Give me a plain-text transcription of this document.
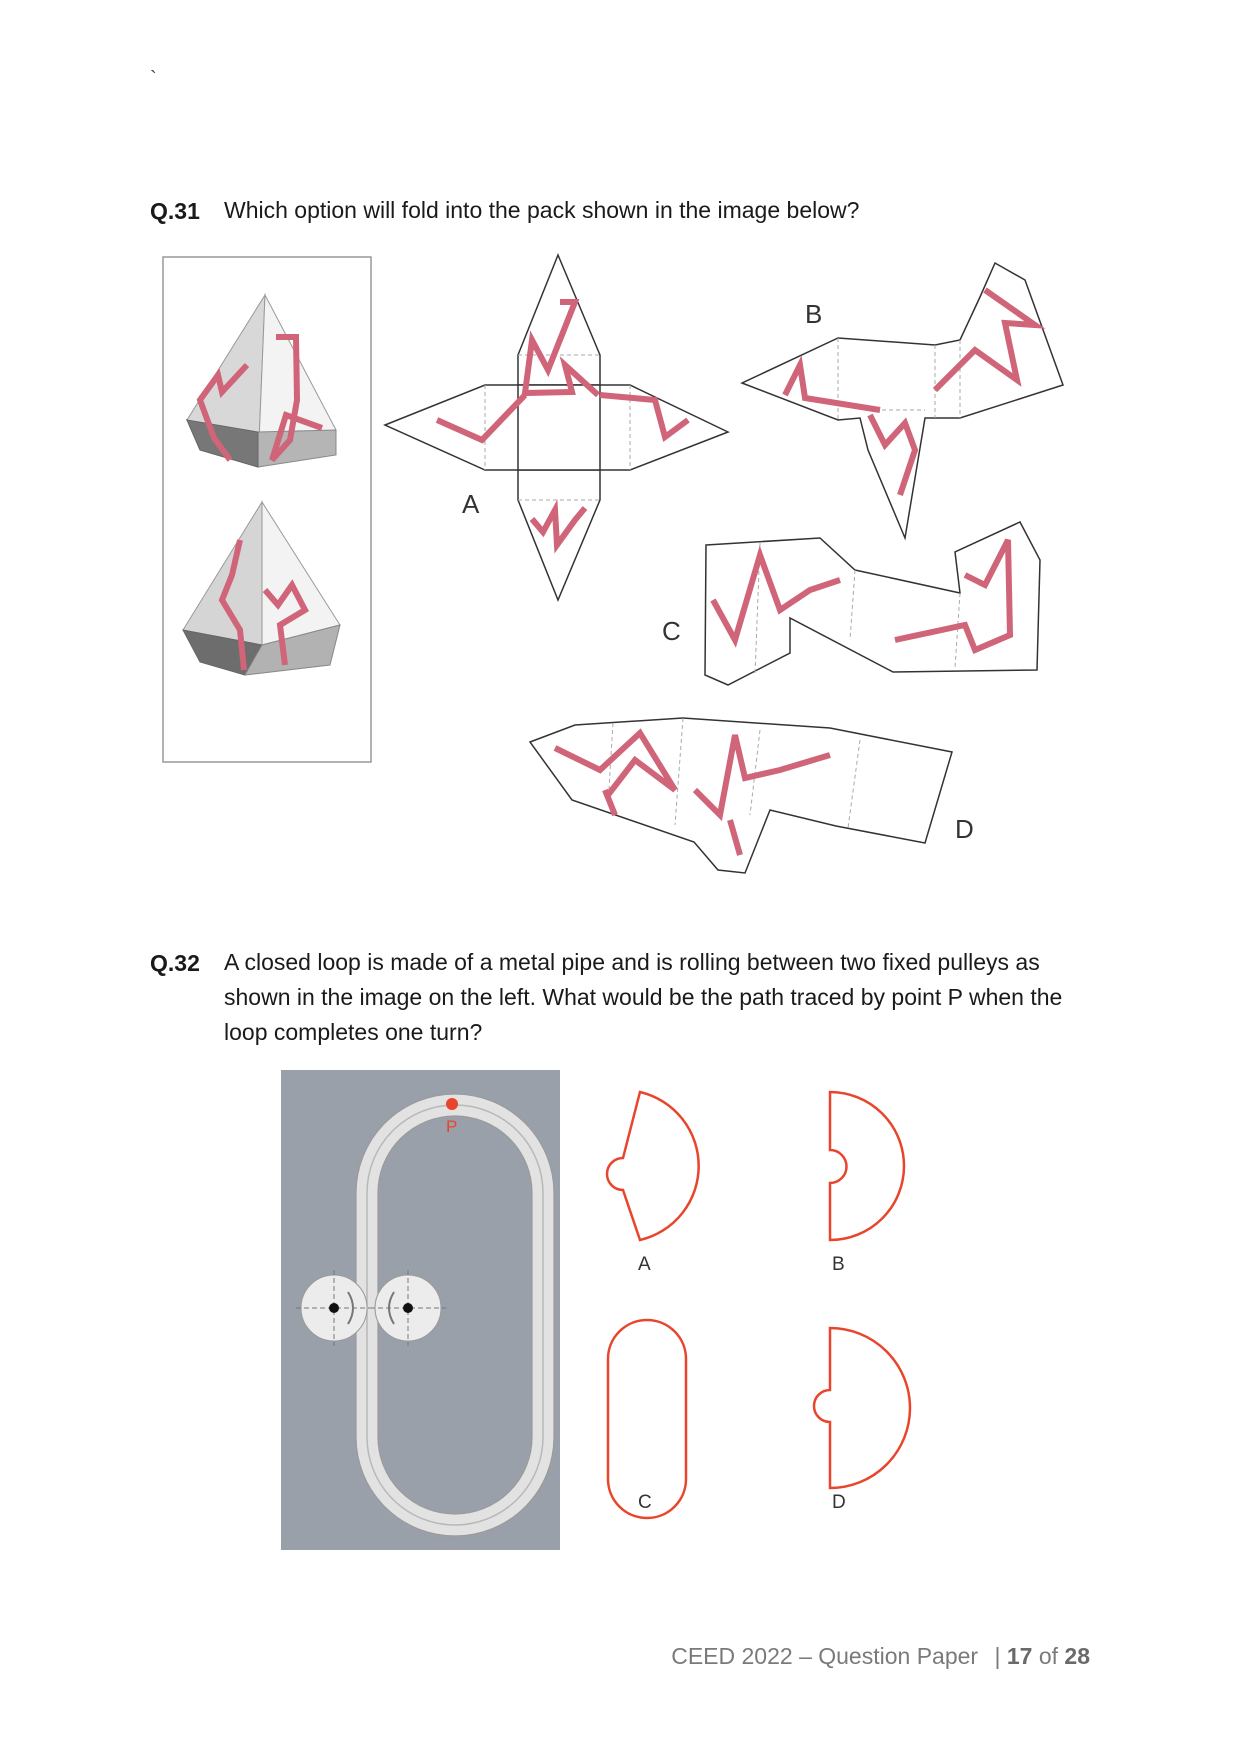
`
Q.31 Which option will fold into the pack shown in the image below?
A
B
C
D
Q.32 A closed loop is made of a metal pipe and is rolling between two fixed pulleys as shown in the image on the left. What would be the path traced by point P when the loop completes one turn?
P
A	B
C	D
CEED 2022 – Question Paper | 17 of 28
